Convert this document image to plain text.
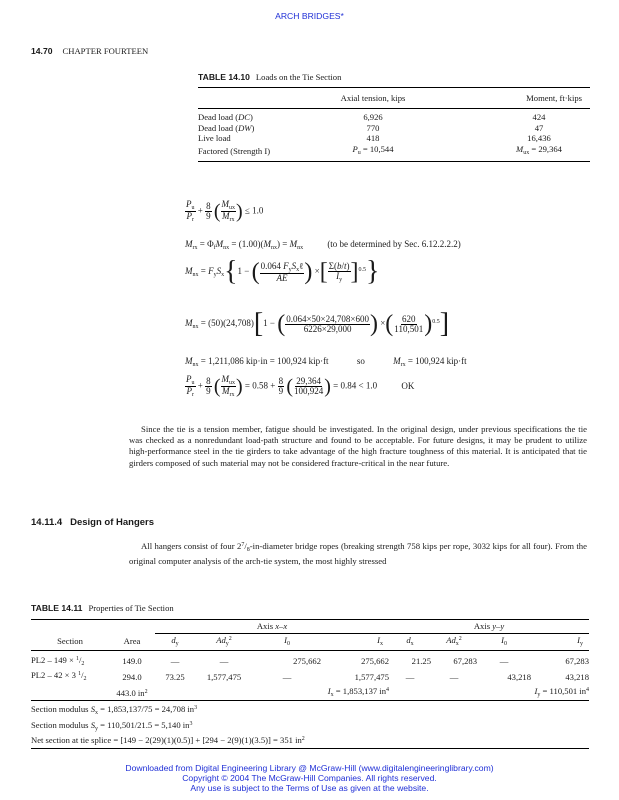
ARCH BRIDGES*
14.70 CHAPTER FOURTEEN
TABLE 14.10 Loads on the Tie Section
	Axial tension, kips	Moment, ft·kips
Dead load (DC)	6,926	424
Dead load (DW)	770	47
Live load	418	16,436
Factored (Strength I)	$P_u = 10,544$	$M_{ux} = 29,364$
$\frac{P_u}{P_r} + \frac{8}{9}$ ( $\frac{M_{ux}}{M_{rx}}$ ) ≤ 1.0
$M_{rx} = \Phi_fM_{nx} = (1.00)(M_{nx}) = M_{nx}$	(to be determined by Sec. 6.12.2.2.2)
$M_{nx} = F_yS_x\{1$ − ( $\frac{0.064 F_yS_x\ell}{AE}$ ) ×[ $\frac{\Sigma(b/t)}{I_y} ]^{0.5}$}
$M_{nx} = (50)(24,708)[1$ − ( $\frac{0.064\times 50\times 24,708\times 600}{6226\times 29,000}$ ) ×( $\frac{620}{110,501} )^{0.5}$]
$M_{nx} = 1,211,086$ kip·in = 100,924 kip·ft	so	$M_{rx} = 100,924$ kip·ft
$\frac{P_u}{P_r} + \frac{8}{9}$ ( $\frac{M_{ux}}{M_{rx}}$ ) = $0.58 + \frac{8}{9}$ ( $\frac{29,364}{100,924}$ ) = 0.84 < 1.0 OK
Since the tie is a tension member, fatigue should be investigated. In the original design, under previous specifications the tie was checked as a nonredundant load-path structure and found to be acceptable. For future designs, it may be prudent to utilize high-performance steel in the tie girders to take advantage of the high fracture toughness of this material. It is anticipated that tie girders composed of such material may not be considered fracture-critical in the near future.
14.11.4 Design of Hangers
All hangers consist of four $2^7/_8-in$-diameter bridge ropes (breaking strength 758 kips per rope, 3032 kips for all four). From the original computer analysis of the arch-tie system, the most highly stressed
TABLE 14.11 Properties of Tie Section
		Axis x–x				Axis y–y			
Section	Area	$d_y$	$Ad_y^2$	$I_0$	$I_x$	$d_x$	$Ad_x^2$	$I_0$	$I_y$
$PL2 - 149 \times ^1/_2$	149.0	—	—	275,662	275,662	21.25	67,283	—	67,283
PL2 – 42 × 3 $^1/_2$	294.0	73.25	1,577,475	—	1,577,475	—	—	43,218	43,218
	443.0 $in^2$			$I_x = 1,853,137$ $in^4$				$I_y = 110,501$ $in^4$
Section modulus $S_x = 1,853,137/75 = 24,708$ $in^3$
Section modulus $S_y = 110,501/21.5 = 5,140$ $in^3$
Net section at tie splice = [149 − 2(29)(1)(0.5)] + [294 − 2(9)(1)(3.5)] = 351 $in^2$
Downloaded from Digital Engineering Library @ McGraw-Hill (www.digitalengineeringlibrary.com)
Copyright © 2004 The McGraw-Hill Companies. All rights reserved.
Any use is subject to the Terms of Use as given at the website.
